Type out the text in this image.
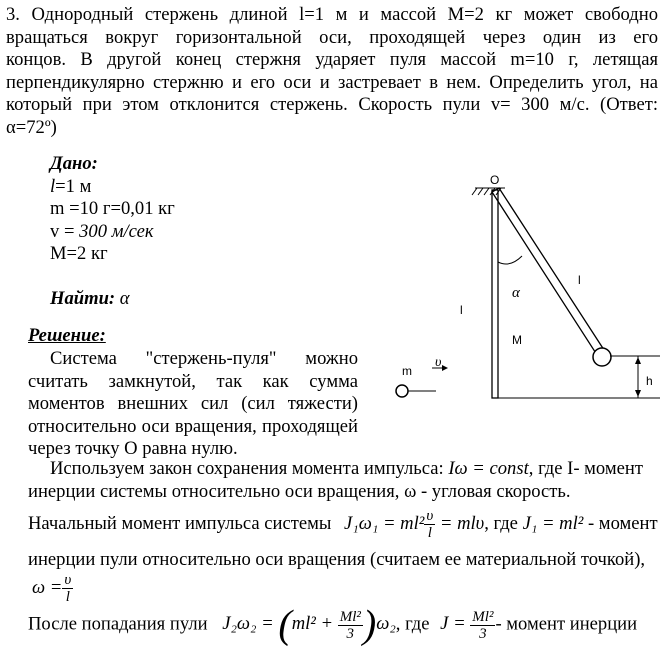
3. Однородный стержень длиной l=1 м и массой М=2 кг может свободно
вращаться вокруг горизонтальной оси, проходящей через один из его
концов. В другой конец стержня ударяет пуля массой m=10 г, летящая
перпендикулярно стержню и его оси и застревает в нем. Определить угол, на
который при этом отклонится стержень. Скорость пули v= 300 м/с. (Ответ:
α=72º)
Дано:
l=1 м
m =10 г=0,01 кг
v = 300 м/сек
М=2 кг
Найти: α
Решение:
Система "стержень-пуля" можно
считать замкнутой, так как сумма
моментов внешних сил (сил тяжести)
относительно оси вращения, проходящей
через точку О равна нулю.
O
l
l
α
M
m
υ
h
Используем закон сохранения момента импульса: Iω = const, где I- момент
инерции системы относительно оси вращения, ω - угловая скорость.
Начальный момент импульса системы $J_1\omega_1 = ml^2 \frac{\upsilon}{l} = ml\upsilon$, где J₁ = ml² - момент
инерции пули относительно оси вращения (считаем ее материальной точкой),
$\omega = \frac{\upsilon}{l}$
После попадания пули $J_2\omega_2 = (ml^2 + \frac{\text{Ml²}}{3} )\omega_2$, где $J = \frac{\text{Ml²}}{3}$ - момент инерции
